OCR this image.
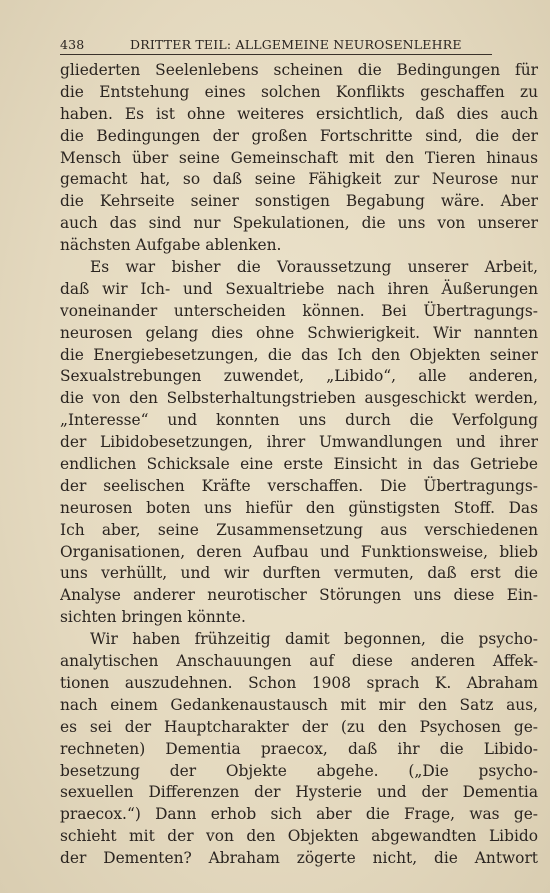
438	DRITTER TEIL: ALLGEMEINE NEUROSENLEHRE
gliederten Seelenlebens scheinen die Bedingungen für
die Entstehung eines solchen Konflikts geschaffen zu
haben. Es ist ohne weiteres ersichtlich, daß dies auch
die Bedingungen der großen Fortschritte sind, die der
Mensch über seine Gemeinschaft mit den Tieren hinaus
gemacht hat, so daß seine Fähigkeit zur Neurose nur
die Kehrseite seiner sonstigen Begabung wäre. Aber
auch das sind nur Spekulationen, die uns von unserer
nächsten Aufgabe ablenken.
Es war bisher die Voraussetzung unserer Arbeit,
daß wir Ich- und Sexualtriebe nach ihren Äußerungen
voneinander unterscheiden können. Bei Übertragungs-
neurosen gelang dies ohne Schwierigkeit. Wir nannten
die Energiebesetzungen, die das Ich den Objekten seiner
Sexualstrebungen zuwendet, „Libido“, alle anderen,
die von den Selbsterhaltungstrieben ausgeschickt werden,
„Interesse“ und konnten uns durch die Verfolgung
der Libidobesetzungen, ihrer Umwandlungen und ihrer
endlichen Schicksale eine erste Einsicht in das Getriebe
der seelischen Kräfte verschaffen. Die Übertragungs-
neurosen boten uns hiefür den günstigsten Stoff. Das
Ich aber, seine Zusammensetzung aus verschiedenen
Organisationen, deren Aufbau und Funktionsweise, blieb
uns verhüllt, und wir durften vermuten, daß erst die
Analyse anderer neurotischer Störungen uns diese Ein-
sichten bringen könnte.
Wir haben frühzeitig damit begonnen, die psycho-
analytischen Anschauungen auf diese anderen Affek-
tionen auszudehnen. Schon 1908 sprach K. Abraham
nach einem Gedankenaustausch mit mir den Satz aus,
es sei der Hauptcharakter der (zu den Psychosen ge-
rechneten) Dementia praecox, daß ihr die Libido-
besetzung der Objekte abgehe. („Die psycho-
sexuellen Differenzen der Hysterie und der Dementia
praecox.“) Dann erhob sich aber die Frage, was ge-
schieht mit der von den Objekten abgewandten Libido
der Dementen? Abraham zögerte nicht, die Antwort
